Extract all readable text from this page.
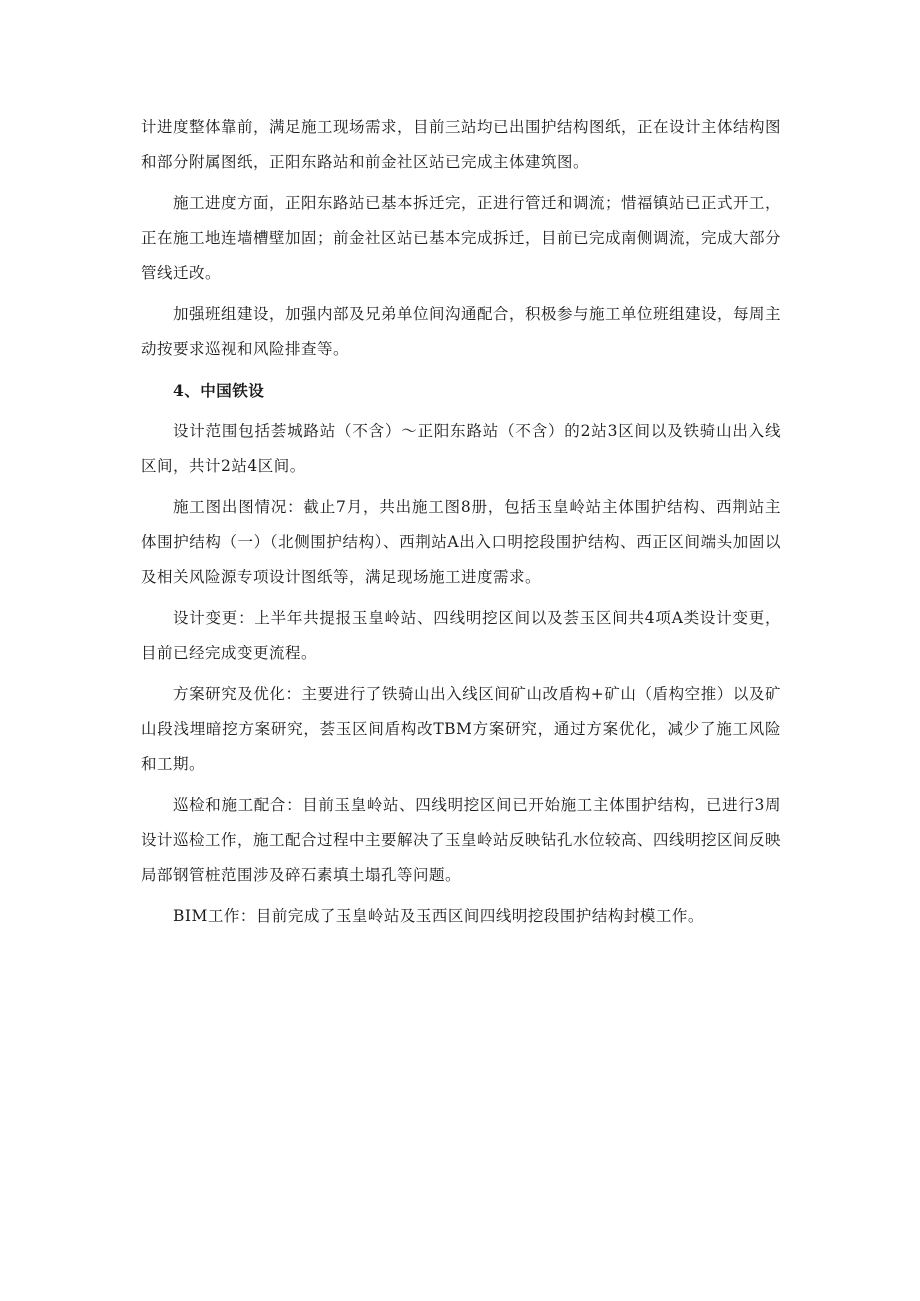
计进度整体靠前，满足施工现场需求，目前三站均已出围护结构图纸，正在设计主体结构图和部分附属图纸，正阳东路站和前金社区站已完成主体建筑图。

施工进度方面，正阳东路站已基本拆迁完，正进行管迁和调流；惜福镇站已正式开工，正在施工地连墙槽壁加固；前金社区站已基本完成拆迁，目前已完成南侧调流，完成大部分管线迁改。

加强班组建设，加强内部及兄弟单位间沟通配合，积极参与施工单位班组建设，每周主动按要求巡视和风险排查等。

4、中国铁设

设计范围包括荟城路站（不含）～正阳东路站（不含）的2站3区间以及铁骑山出入线区间，共计2站4区间。

施工图出图情况：截止7月，共出施工图8册，包括玉皇岭站主体围护结构、西荆站主体围护结构（一）（北侧围护结构）、西荆站A出入口明挖段围护结构、西正区间端头加固以及相关风险源专项设计图纸等，满足现场施工进度需求。

设计变更：上半年共提报玉皇岭站、四线明挖区间以及荟玉区间共4项A类设计变更，目前已经完成变更流程。

方案研究及优化：主要进行了铁骑山出入线区间矿山改盾构+矿山（盾构空推）以及矿山段浅埋暗挖方案研究，荟玉区间盾构改TBM方案研究，通过方案优化，减少了施工风险和工期。

巡检和施工配合：目前玉皇岭站、四线明挖区间已开始施工主体围护结构，已进行3周设计巡检工作，施工配合过程中主要解决了玉皇岭站反映钻孔水位较高、四线明挖区间反映局部钢管桩范围涉及碎石素填土塌孔等问题。

BIM工作：目前完成了玉皇岭站及玉西区间四线明挖段围护结构封模工作。
